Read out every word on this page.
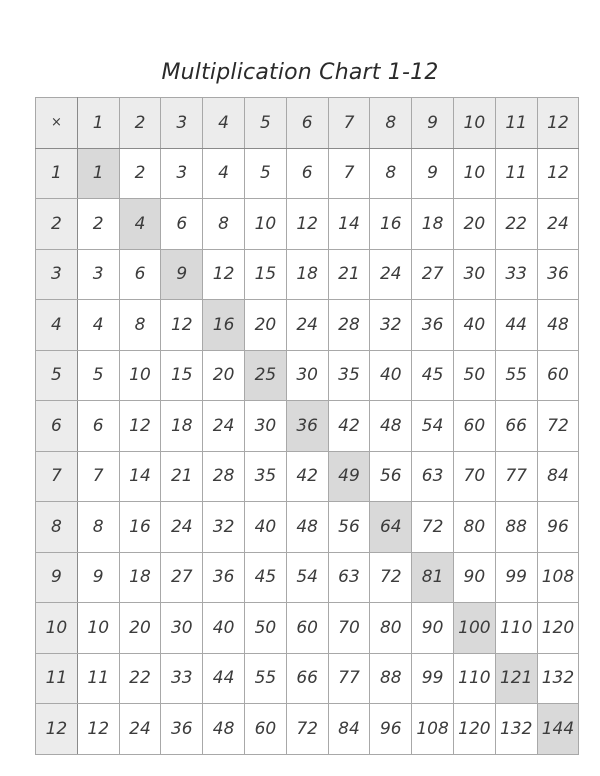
Multiplication Chart 1-12
×	1	2	3	4	5	6	7	8	9	10	11	12
1	1	2	3	4	5	6	7	8	9	10	11	12
2	2	4	6	8	10	12	14	16	18	20	22	24
3	3	6	9	12	15	18	21	24	27	30	33	36
4	4	8	12	16	20	24	28	32	36	40	44	48
5	5	10	15	20	25	30	35	40	45	50	55	60
6	6	12	18	24	30	36	42	48	54	60	66	72
7	7	14	21	28	35	42	49	56	63	70	77	84
8	8	16	24	32	40	48	56	64	72	80	88	96
9	9	18	27	36	45	54	63	72	81	90	99	108
10	10	20	30	40	50	60	70	80	90	100	110	120
11	11	22	33	44	55	66	77	88	99	110	121	132
12	12	24	36	48	60	72	84	96	108	120	132	144
